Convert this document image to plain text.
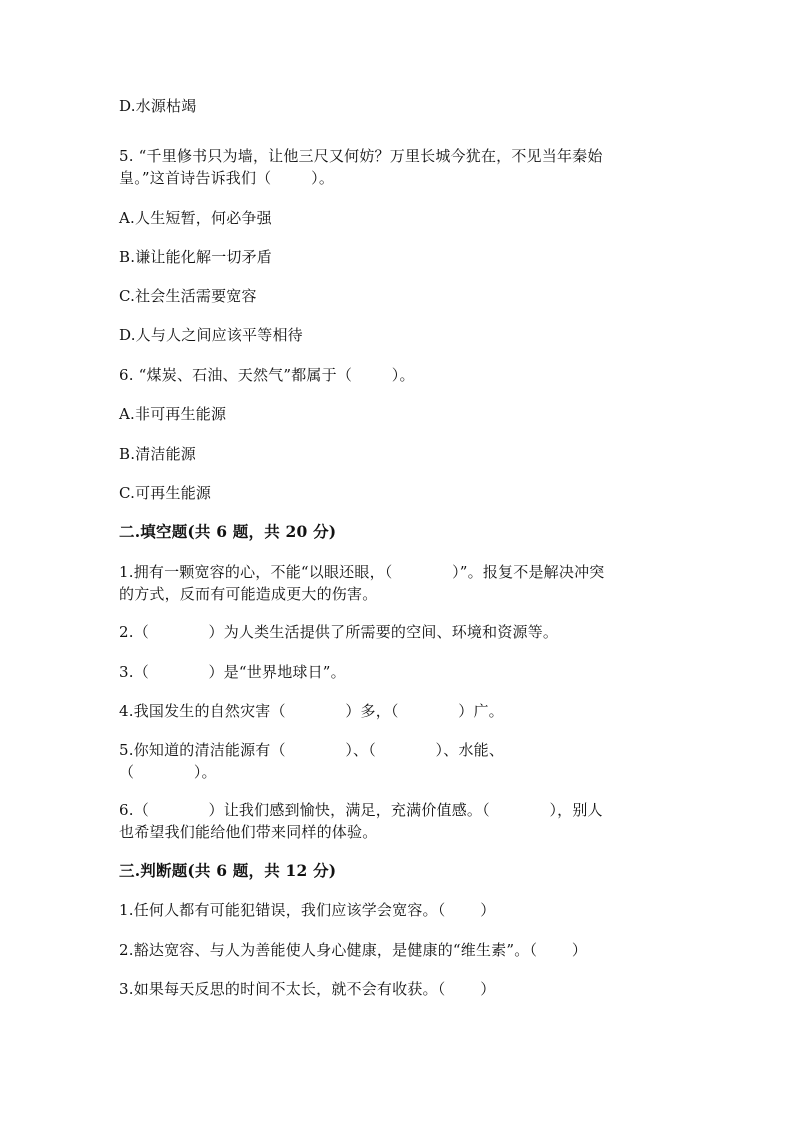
D.水源枯竭
5. “千里修书只为墙，让他三尺又何妨？万里长城今犹在，不见当年秦始
皇。”这首诗告诉我们（        ）。
A.人生短暂，何必争强
B.谦让能化解一切矛盾
C.社会生活需要宽容
D.人与人之间应该平等相待
6. “煤炭、石油、天然气”都属于（        ）。
A.非可再生能源
B.清洁能源
C.可再生能源
二.填空题(共 6 题，共 20 分)
1.拥有一颗宽容的心，不能“以眼还眼，（            ）”。报复不是解决冲突
的方式，反而有可能造成更大的伤害。
2.（            ）为人类生活提供了所需要的空间、环境和资源等。
3.（            ）是“世界地球日”。
4.我国发生的自然灾害（            ）多，（            ）广。
5.你知道的清洁能源有（            ）、（            ）、水能、
（            ）。
6.（            ）让我们感到愉快，满足，充满价值感。（            ），别人
也希望我们能给他们带来同样的体验。
三.判断题(共 6 题，共 12 分)
1.任何人都有可能犯错误，我们应该学会宽容。（       ）
2.豁达宽容、与人为善能使人身心健康，是健康的“维生素”。（       ）
3.如果每天反思的时间不太长，就不会有收获。（       ）
